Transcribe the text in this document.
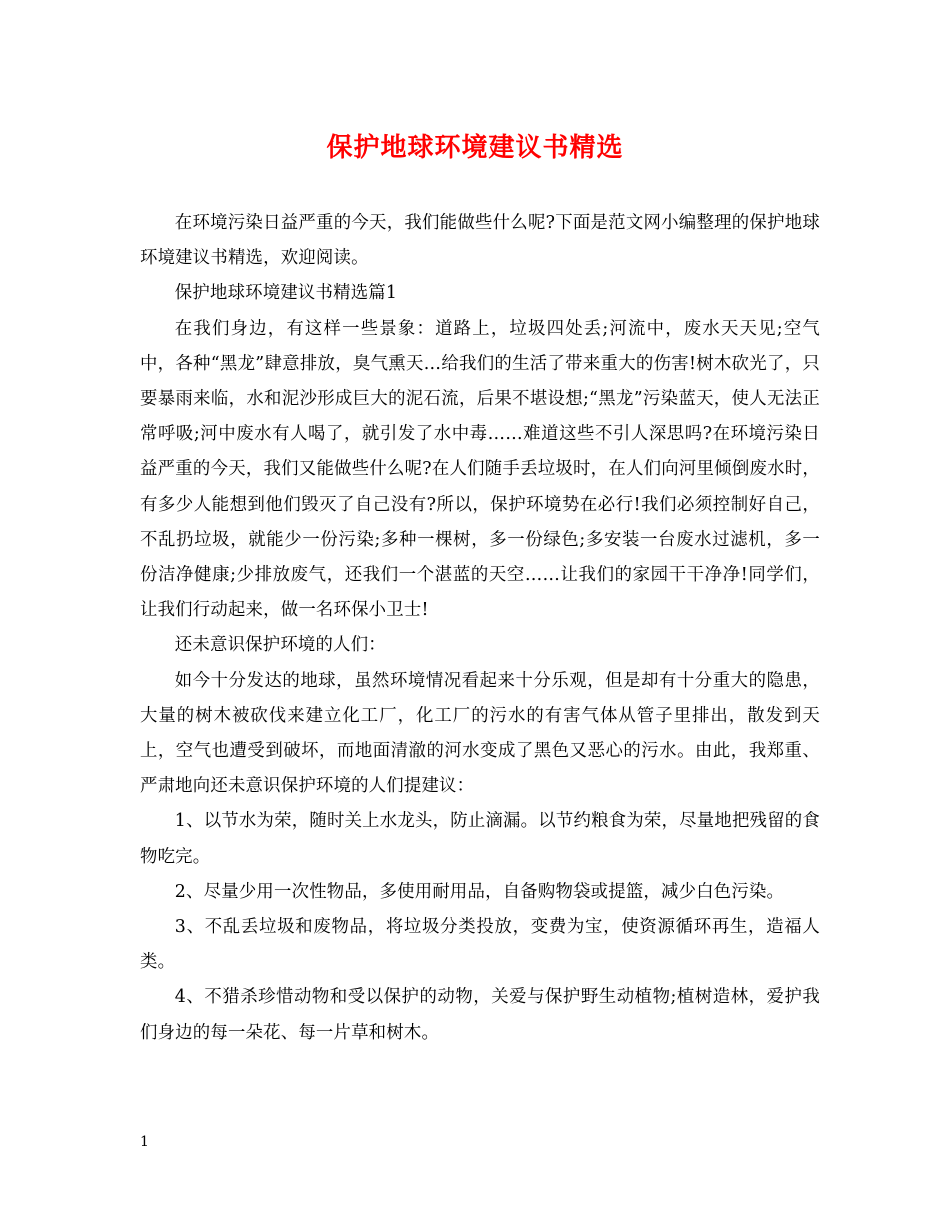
保护地球环境建议书精选

在环境污染日益严重的今天，我们能做些什么呢?下面是范文网小编整理的保护地球环境建议书精选，欢迎阅读。

保护地球环境建议书精选篇1

在我们身边，有这样一些景象：道路上，垃圾四处丢;河流中，废水天天见;空气中，各种“黑龙”肆意排放，臭气熏天…给我们的生活了带来重大的伤害!树木砍光了，只要暴雨来临，水和泥沙形成巨大的泥石流，后果不堪设想;“黑龙”污染蓝天，使人无法正常呼吸;河中废水有人喝了，就引发了水中毒……难道这些不引人深思吗?在环境污染日益严重的今天，我们又能做些什么呢?在人们随手丢垃圾时，在人们向河里倾倒废水时，有多少人能想到他们毁灭了自己没有?所以，保护环境势在必行!我们必须控制好自己，不乱扔垃圾，就能少一份污染;多种一棵树，多一份绿色;多安装一台废水过滤机，多一份洁净健康;少排放废气，还我们一个湛蓝的天空……让我们的家园干干净净!同学们，让我们行动起来，做一名环保小卫士!

还未意识保护环境的人们：

如今十分发达的地球，虽然环境情况看起来十分乐观，但是却有十分重大的隐患，大量的树木被砍伐来建立化工厂，化工厂的污水的有害气体从管子里排出，散发到天上，空气也遭受到破坏，而地面清澈的河水变成了黑色又恶心的污水。由此，我郑重、严肃地向还未意识保护环境的人们提建议：

1、以节水为荣，随时关上水龙头，防止滴漏。以节约粮食为荣，尽量地把残留的食物吃完。

2、尽量少用一次性物品，多使用耐用品，自备购物袋或提篮，减少白色污染。

3、不乱丢垃圾和废物品，将垃圾分类投放，变费为宝，使资源循环再生，造福人类。

4、不猎杀珍惜动物和受以保护的动物，关爱与保护野生动植物;植树造林，爱护我们身边的每一朵花、每一片草和树木。

1
